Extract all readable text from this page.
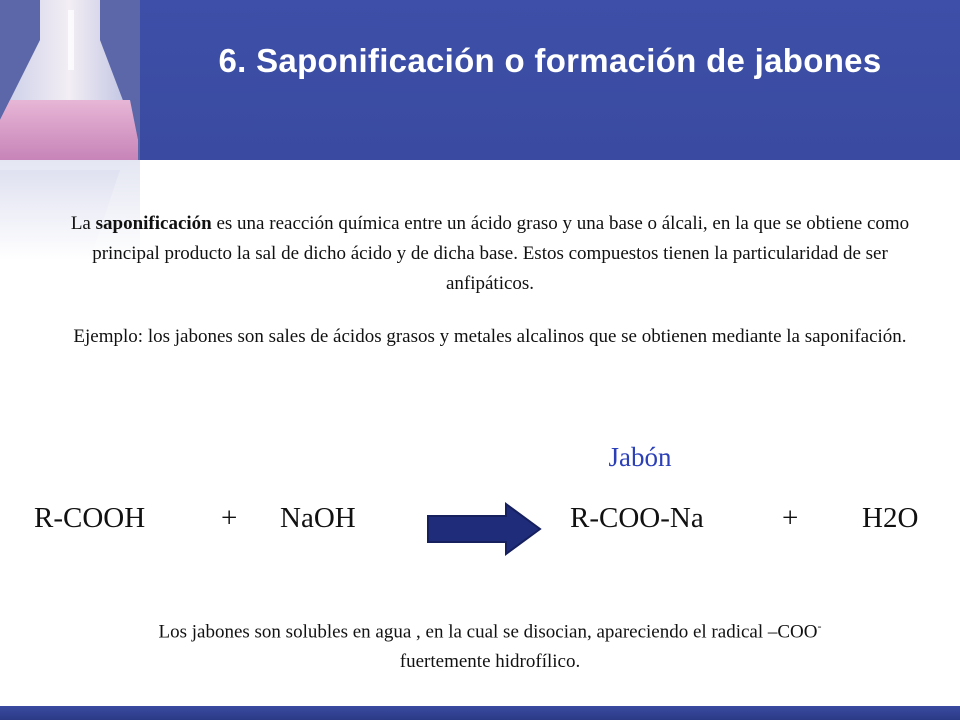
6. Saponificación o formación de jabones
La saponificación es una reacción química entre un ácido graso y una base o álcali, en la que se obtiene como principal producto la sal de dicho ácido y de dicha base. Estos compuestos tienen la particularidad de ser anfipáticos.
Ejemplo: los jabones son sales de ácidos grasos y metales alcalinos que se obtienen mediante la saponifación.
Jabón
R-COOH	+ NaOH	R-COO-Na	+ H2O
Los jabones son solubles en agua , en la cual se disocian, apareciendo el radical –COO-
fuertemente hidrofílico.
